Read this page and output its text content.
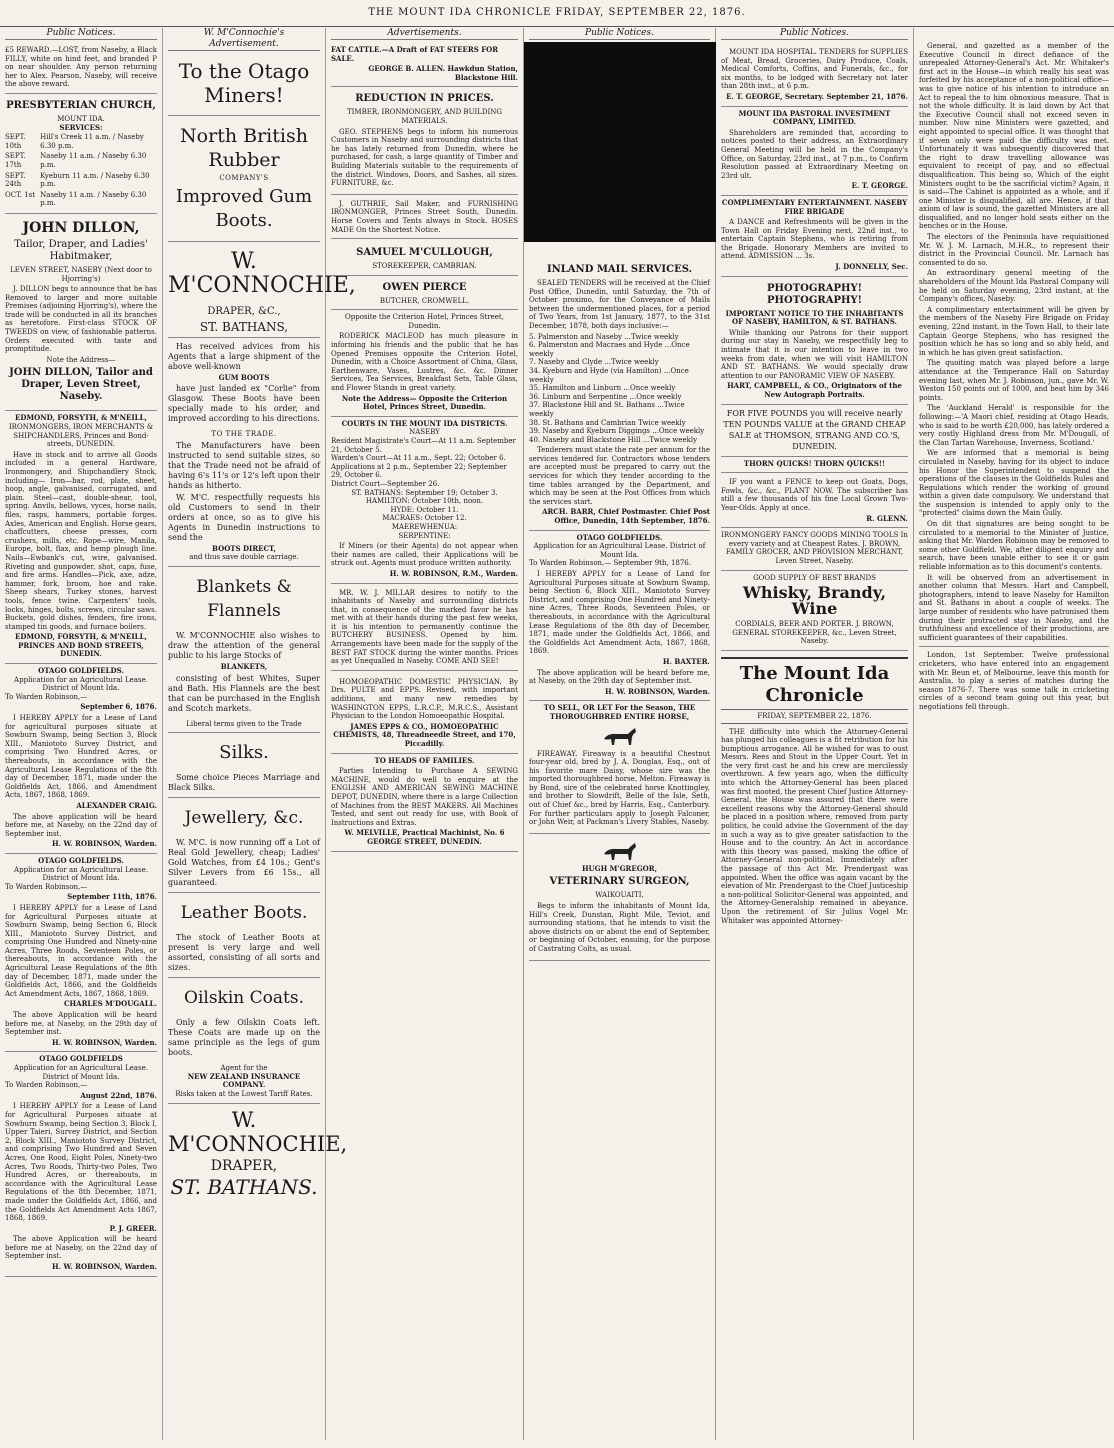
THE MOUNT IDA CHRONICLE FRIDAY, SEPTEMBER 22, 1876.
Public Notices.
£5 REWARD.—LOST, from Naseby, a Black FILLY, white on hind feet, and branded P on near shoulder. Any person returning her to Alex. Pearson, Naseby, will receive the above reward.
PRESBYTERIAN CHURCH,
MOUNT IDA.
SERVICES:
SEPT. 10th	Hill's Creek 11 a.m. / Naseby 6.30 p.m.
SEPT. 17th	Naseby 11 a.m. / Naseby 6.30 p.m.
SEPT. 24th	Kyeburn 11 a.m. / Naseby 6.30 p.m.
OCT. 1st	Naseby 11 a.m. / Naseby 6.30 p.m.
JOHN DILLON,
Tailor, Draper, and Ladies' Habitmaker,
LEVEN STREET, NASEBY (Next door to Hjorring's)
J. DILLON begs to announce that he has Removed to larger and more suitable Premises (adjoining Hjorring's), where the trade will be conducted in all its branches as heretofore. First-class STOCK OF TWEEDS on view, of fashionable patterns. Orders executed with taste and promptitude.
Note the Address—
JOHN DILLON, Tailor and Draper, Leven Street, Naseby.
EDMOND, FORSYTH, & M'NEILL,
IRONMONGERS, IRON MERCHANTS & SHIPCHANDLERS, Princes and Bond-streets, DUNEDIN.
Have in stock and to arrive all Goods included in a general Hardware, Ironmongery, and Shipchandlery Stock, including— Iron—bar, rod, plate, sheet, hoop, angle, galvanised, corrugated, and plain. Steel—cast, double-shear, tool, spring. Anvils, bellows, vyces, horse nails, files, rasps, hammers, portable forges. Axles, American and English. Horse gears, chaffcutters, cheese presses, corn crushers, mills, etc. Rope—wire, Manila, Europe, bolt, flax, and hemp plough line. Nails—Ewbank's cut, wire, galvanised. Riveting and gunpowder, shot, caps, fuse, and fire arms. Handles—Pick, axe, adze, hammer, fork, broom, hoe and rake. Sheep shears, Turkey stones, harvest tools, fence twine. Carpenters' tools, locks, hinges, bolts, screws, circular saws. Buckets, gold dishes, fenders, fire irons, stamped tin goods, and furnace boilers.
EDMOND, FORSYTH, & M'NEILL, PRINCES AND BOND STREETS, DUNEDIN.
OTAGO GOLDFIELDS.
Application for an Agricultural Lease.
District of Mount Ida.
To Warden Robinson,—
September 6, 1876.
I HEREBY APPLY for a Lease of Land for agricultural purposes situate at Sowburn Swamp, being Section 3, Block XIII., Maniototo Survey District, and comprising Two Hundred Acres, or thereabouts, in accordance with the Agricultural Lease Regulations of the 8th day of December, 1871, made under the Goldfields Act, 1866, and Amendment Acts, 1867, 1868, 1869.
ALEXANDER CRAIG.
The above application will be heard before me, at Naseby, on the 22nd day of September inst.
H. W. ROBINSON, Warden.
OTAGO GOLDFIELDS.
Application for an Agricultural Lease.
District of Mount Ida.
To Warden Robinson,—
September 11th, 1876.
I HEREBY APPLY for a Lease of Land for Agricultural Purposes situate at Sowburn Swamp, being Section 6, Block XIII., Maniototo Survey District, and comprising One Hundred and Ninety-nine Acres, Three Roods, Seventeen Poles, or thereabouts, in accordance with the Agricultural Lease Regulations of the 8th day of December, 1871, made under the Goldfields Act, 1866, and the Goldfields Act Amendment Acts, 1867, 1868, 1869.
CHARLES M'DOUGALL.
The above Application will be heard before me, at Naseby, on the 29th day of September inst.
H. W. ROBINSON, Warden.
OTAGO GOLDFIELDS
Application for an Agricultural Lease.
District of Mount Ida.
To Warden Robinson,—
August 22nd, 1876.
I HEREBY APPLY for a Lease of Land for Agricultural Purposes situate at Sowburn Swamp, being Section 3, Block I, Upper Taieri, Survey District, and Section 2, Block XIII., Maniototo Survey District, and comprising Two Hundred and Seven Acres, One Rood, Eight Poles, Ninety-two Acres, Two Roods, Thirty-two Poles, Two Hundred Acres, or thereabouts, in accordance with the Agricultural Lease Regulations of the 8th December, 1871, made under the Goldfields Act, 1866, and the Goldfields Act Amendment Acts 1867, 1868, 1869.
P. J. GREER.
The above Application will be heard before me at Naseby, on the 22nd day of September inst.
H. W. ROBINSON, Warden.
W. M'Connochie's Advertisement.
To the Otago Miners!
North British Rubber
COMPANY'S
Improved Gum Boots.
W. M'CONNOCHIE,
DRAPER, &C.,
ST. BATHANS,
Has received advices from his Agents that a large shipment of the above well-known
GUM BOOTS
have just landed ex "Corlie" from Glasgow. These Boots have been specially made to his order, and improved according to his directions.
TO THE TRADE.
The Manufacturers have been instructed to send suitable sizes, so that the Trade need not be afraid of having 6's 11's or 12's left upon their hands as hitherto.
W. M'C. respectfully requests his old Customers to send in their orders at once, so as to give his Agents in Dunedin instructions to send the
BOOTS DIRECT,
and thus save double carriage.
Blankets & Flannels
W. M'CONNOCHIE also wishes to draw the attention of the general public to his large Stocks of
BLANKETS,
consisting of best Whites, Super and Bath. His Flannels are the best that can be purchased in the English and Scotch markets.
Liberal terms given to the Trade
Silks.
Some choice Pieces Marriage and Black Silks.
Jewellery, &c.
W. M'C. is now running off a Lot of Real Gold Jewellery, cheap; Ladies' Gold Watches, from £4 10s.; Gent's Silver Levers from £6 15s., all guaranteed.
Leather Boots.
The stock of Leather Boots at present is very large and well assorted, consisting of all sorts and sizes.
Oilskin Coats.
Only a few Oilskin Coats left. These Coats are made up on the same principle as the legs of gum boots.
Agent for the
NEW ZEALAND INSURANCE COMPANY.
Risks taken at the Lowest Tariff Rates.
W. M'CONNOCHIE,
DRAPER,
ST. BATHANS.
Advertisements.
FAT CATTLE.—A Draft of FAT STEERS FOR SALE.
GEORGE B. ALLEN. Hawkdun Station, Blackstone Hill.
REDUCTION IN PRICES.
TIMBER, IRONMONGERY, AND BUILDING MATERIALS.
GEO. STEPHENS begs to inform his numerous Customers in Naseby and surrounding districts that he has lately returned from Dunedin, where he purchased, for cash, a large quantity of Timber and Building Materials suitable to the requirements of the district. Windows, Doors, and Sashes, all sizes. FURNITURE, &c.
J. GUTHRIE, Sail Maker, and FURNISHING IRONMONGER, Princes Street South, Dunedin. Horse Covers and Tents always in Stock. HOSES MADE On the Shortest Notice.
SAMUEL M'CULLOUGH,
STOREKEEPER, CAMBRIAN.
OWEN PIERCE
BUTCHER, CROMWELL.
Opposite the Criterion Hotel, Princes Street, Dunedin.
RODERICK MACLEOD has much pleasure in informing his friends and the public that he has Opened Premises opposite the Criterion Hotel, Dunedin, with a Choice Assortment of China, Glass, Earthenware, Vases, Lustres, &c. &c. Dinner Services, Tea Services, Breakfast Sets, Table Glass, and Flower Stands in great variety.
Note the Address— Opposite the Criterion Hotel, Princes Street, Dunedin.
COURTS IN THE MOUNT IDA DISTRICTS.
NASEBY
Resident Magistrate's Court—At 11 a.m. September 21, October 5.
Warden's Court—At 11 a.m., Sept. 22; October 6.
Applications at 2 p.m., September 22; September 29, October 6.
District Court—September 26.
ST. BATHANS: September 19; October 3.
HAMILTON: October 10th, noon.
HYDE: October 11.
MACRAES: October 12.
MAEREWHENUA:
SERPENTINE:
If Miners (or their Agents) do not appear when their names are called, their Applications will be struck out. Agents must produce written authority.
H. W. ROBINSON, R.M., Warden.
MR. W. J. MILLAR desires to notify to the inhabitants of Naseby and surrounding districts that, in consequence of the marked favor he has met with at their hands during the past few weeks, it is his intention to permanently continue the BUTCHERY BUSINESS. Opened by him. Arrangements have been made for the supply of the BEST FAT STOCK during the winter months. Prices as yet Unequalled in Naseby. COME AND SEE!
HOMOEOPATHIC DOMESTIC PHYSICIAN. By Drs. PULTE and EPPS. Revised, with important additions, and many new remedies by WASHINGTON EPPS, L.R.C.P., M.R.C.S., Assistant Physician to the London Homoeopathic Hospital.
JAMES EPPS & CO., HOMOEOPATHIC CHEMISTS, 48, Threadneedle Street, and 170, Piccadilly.
TO HEADS OF FAMILIES.
Parties Intending to Purchase A SEWING MACHINE, would do well to enquire at the ENGLISH AND AMERICAN SEWING MACHINE DEPOT, DUNEDIN, where there is a large Collection of Machines from the BEST MAKERS. All Machines Tested, and sent out ready for use, with Book of Instructions and Extras.
W. MELVILLE, Practical Machinist, No. 6 GEORGE STREET, DUNEDIN.
Public Notices.
INLAND MAIL SERVICES.
SEALED TENDERS will be received at the Chief Post Office, Dunedin, until Saturday, the 7th of October proximo, for the Conveyance of Mails between the undermentioned places, for a period of Two Years, from 1st January, 1877, to the 31st December, 1878, both days inclusive:—
5. Palmerston and Naseby ...Twice weekly
6. Palmerston and Macraes and Hyde ...Once weekly
7. Naseby and Clyde ...Twice weekly
34. Kyeburn and Hyde (via Hamilton) ...Once weekly
35. Hamilton and Linburn ...Once weekly
36. Linburn and Serpentine ...Once weekly
37. Blackstone Hill and St. Bathans ...Twice weekly
38. St. Bathans and Cambrian Twice weekly
39. Naseby and Kyeburn Diggings ...Once weekly
40. Naseby and Blackstone Hill ...Twice weekly
Tenderers must state the rate per annum for the services tendered for. Contractors whose tenders are accepted must be prepared to carry out the services for which they tender according to the time tables arranged by the Department, and which may be seen at the Post Offices from which the services start.
ARCH. BARR, Chief Postmaster. Chief Post Office, Dunedin, 14th September, 1876.
OTAGO GOLDFIELDS.
Application for an Agricultural Lease. District of Mount Ida.
To Warden Robinson,— September 9th, 1876.
I HEREBY APPLY for a Lease of Land for Agricultural Purposes situate at Sowburn Swamp, being Section 6, Block XIII., Maniototo Survey District, and comprising One Hundred and Ninety-nine Acres, Three Roods, Seventeen Poles, or thereabouts, in accordance with the Agricultural Lease Regulations of the 8th day of December, 1871, made under the Goldfields Act, 1866, and the Goldfields Act Amendment Acts, 1867, 1868, 1869.
H. BAXTER.
The above application will be heard before me, at Naseby, on the 29th day of September inst.
H. W. ROBINSON, Warden.
TO SELL, OR LET For the Season, THE THOROUGHBRED ENTIRE HORSE,
FIREAWAY. Fireaway is a beautiful Chestnut four-year old, bred by J. A. Douglas, Esq., out of his favorite mare Daisy, whose sire was the imported thoroughbred horse, Melton. Fireaway is by Bond, sire of the celebrated horse Knottingley, and brother to Slowdrift, Belle of the Isle, Seth, out of Chief &c., bred by Harris, Esq., Canterbury. For further particulars apply to Joseph Falconer, or John Weir, at Packman's Livery Stables, Naseby.
HUGH M'GREGOR,
VETERINARY SURGEON,
WAIKOUAITI,
Begs to inform the inhabitants of Mount Ida, Hill's Creek, Dunstan, Right Mile, Teviot, and surrounding stations, that he intends to visit the above districts on or about the end of September, or beginning of October, ensuing, for the purpose of Castrating Colts, as usual.
Public Notices.
MOUNT IDA HOSPITAL. TENDERS for SUPPLIES of Meat, Bread, Groceries, Dairy Produce, Coals, Medical Comforts, Coffins, and Funerals, &c., for six months, to be lodged with Secretary not later than 28th inst., at 6 p.m.
E. T. GEORGE, Secretary. September 21, 1876.
MOUNT IDA PASTORAL INVESTMENT COMPANY, LIMITED.
Shareholders are reminded that, according to notices posted to their address, an Extraordinary General Meeting will be held in the Company's Office, on Saturday, 23rd inst., at 7 p.m., to Confirm Resolution passed at Extraordinary Meeting on 23rd ult.
E. T. GEORGE.
COMPLIMENTARY ENTERTAINMENT. NASEBY FIRE BRIGADE
A DANCE and Refreshments will be given in the Town Hall on Friday Evening next, 22nd inst., to entertain Captain Stephens, who is retiring from the Brigade. Honorary Members are invited to attend. ADMISSION ... 3s.
J. DONNELLY, Sec.
PHOTOGRAPHY! PHOTOGRAPHY!
IMPORTANT NOTICE TO THE INHABITANTS OF NASEBY, HAMILTON, & ST. BATHANS.
While thanking our Patrons for their support during our stay in Naseby, we respectfully beg to intimate that it is our intention to leave in two weeks from date, when we will visit HAMILTON AND ST. BATHANS. We would specially draw attention to our PANORAMIC VIEW OF NASEBY.
HART, CAMPBELL, & CO., Originators of the New Autograph Portraits.
FOR FIVE POUNDS you will receive nearly TEN POUNDS VALUE at the GRAND CHEAP SALE at THOMSON, STRANG AND CO.'S, DUNEDIN.
THORN QUICKS! THORN QUICKS!!
IF you want a FENCE to keep out Goats, Dogs, Fowls, &c., &c., PLANT NOW. The subscriber has still a few thousands of his fine Local Grown Two-Year-Olds. Apply at once.
R. GLENN.
IRONMONGERY FANCY GOODS MINING TOOLS In every variety and at Cheapest Rates. J. BROWN, FAMILY GROCER, AND PROVISION MERCHANT, Leven Street, Naseby.
GOOD SUPPLY OF BEST BRANDS
Whisky, Brandy, Wine
CORDIALS, BEER AND PORTER. J. BROWN, GENERAL STOREKEEPER, &c., Leven Street, Naseby.
The Mount Ida Chronicle
FRIDAY, SEPTEMBER 22, 1876.
THE difficulty into which the Attorney-General has plunged his colleagues is a fit retribution for his bumptious arrogance. All he wished for was to oust Messrs. Rees and Stout in the Upper Court. Yet in the very first cast he and his crew are mercilessly overthrown. A few years ago, when the difficulty into which the Attorney-General has been placed was first mooted, the present Chief Justice Attorney-General, the House was assured that there were excellent reasons why the Attorney-General should be placed in a position where, removed from party politics, he could advise the Government of the day in such a way as to give greater satisfaction to the House and to the country. An Act in accordance with this theory was passed, making the office of Attorney-General non-political. Immediately after the passage of this Act Mr. Prendergast was appointed. When the office was again vacant by the elevation of Mr. Prendergast to the Chief Justiceship a non-political Solicitor-General was appointed, and the Attorney-Generalship remained in abeyance. Upon the retirement of Sir Julius Vogel Mr. Whitaker was appointed Attorney-
General, and gazetted as a member of the Executive Council in direct defiance of the unrepealed Attorney-General's Act. Mr. Whitaker's first act in the House—in which really his seat was forfeited by his acceptance of a non-political office—was to give notice of his intention to introduce an Act to repeal the to him obnoxious measure. That is not the whole difficulty. It is laid down by Act that the Executive Council shall not exceed seven in number. Now nine Ministers were gazetted, and eight appointed to special office. It was thought that if seven only were paid the difficulty was met. Unfortunately it was subsequently discovered that the right to draw travelling allowance was equivalent to receipt of pay, and so effectual disqualification. This being so, Which of the eight Ministers ought to be the sacrificial victim? Again, it is said—The Cabinet is appointed as a whole, and if one Minister is disqualified, all are. Hence, if that axiom of law is sound, the gazetted Ministers are all disqualified, and no longer hold seats either on the benches or in the House.
The electors of the Peninsula have requisitioned Mr. W. J. M. Larnach, M.H.R., to represent their district in the Provincial Council. Mr. Larnach has consented to do so.
An extraordinary general meeting of the shareholders of the Mount Ida Pastoral Company will be held on Saturday evening, 23rd instant, at the Company's offices, Naseby.
A complimentary entertainment will be given by the members of the Naseby Fire Brigade on Friday evening, 22nd instant, in the Town Hall, to their late Captain George Stephens, who has resigned the position which he has so long and so ably held, and in which he has given great satisfaction.
The quoiting match was played before a large attendance at the Temperance Hall on Saturday evening last, when Mr. J. Robinson, jun., gave Mr. W. Weston 150 points out of 1000, and beat him by 346 points.
The 'Auckland Herald' is responsible for the following:—'A Maori chief, residing at Otago Heads, who is said to be worth £20,000, has lately ordered a very costly Highland dress from Mr. M'Dougall, of the Clan Tartan Warehouse, Inverness, Scotland.'
We are informed that a memorial is being circulated in Naseby, having for its object to induce his Honor the Superintendent to suspend the operations of the clauses in the Goldfields Rules and Regulations which render the working of ground within a given date compulsory. We understand that the suspension is intended to apply only to the "protected" claims down the Main Gully.
On dit that signatures are being sought to be circulated to a memorial to the Minister of Justice, asking that Mr. Warden Robinson may be removed to some other Goldfield. We, after diligent enquiry and search, have been unable either to see it or gain reliable information as to this document's contents.
It will be observed from an advertisement in another column that Messrs. Hart and Campbell, photographers, intend to leave Naseby for Hamilton and St. Bathans in about a couple of weeks. The large number of residents who have patronised them during their protracted stay in Naseby, and the truthfulness and excellence of their productions, are sufficient guarantees of their capabilities.
London, 1st September. Twelve professional cricketers, who have entered into an engagement with Mr. Beun et, of Melbourne, leave this month for Australia, to play a series of matches during the season 1876-7. There was some talk in cricketing circles of a second team going out this year, but negotiations fell through.
